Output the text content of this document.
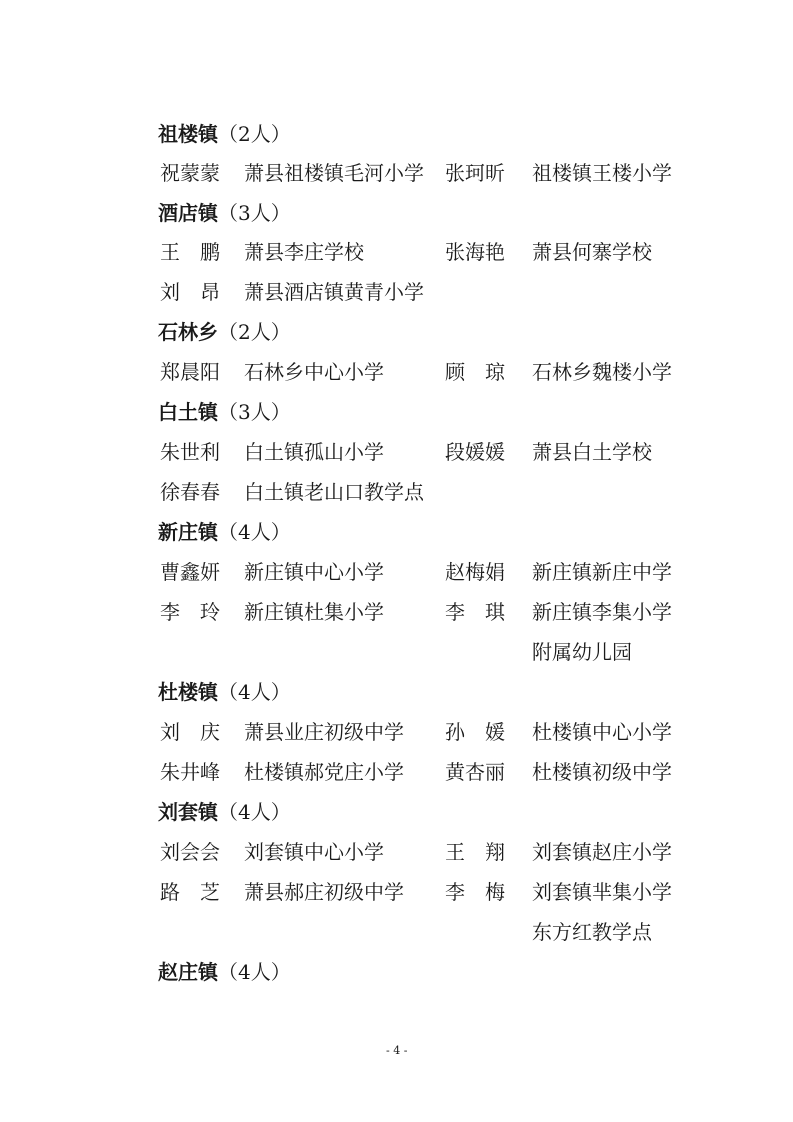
祖楼镇（2人）
祝蒙蒙 萧县祖楼镇毛河小学 张珂昕 祖楼镇王楼小学
酒店镇（3人）
王　鹏 萧县李庄学校	张海艳 萧县何寨学校
刘　昂 萧县酒店镇黄青小学
石林乡（2人）
郑晨阳 石林乡中心小学	顾　琼 石林乡魏楼小学
白土镇（3人）
朱世利 白土镇孤山小学	段媛媛 萧县白土学校
徐春春 白土镇老山口教学点
新庄镇（4人）
曹鑫妍 新庄镇中心小学	赵梅娟 新庄镇新庄中学
李　玲 新庄镇杜集小学	李　琪 新庄镇李集小学
附属幼儿园
杜楼镇（4人）
刘　庆 萧县业庄初级中学 孙　媛 杜楼镇中心小学
朱井峰 杜楼镇郝党庄小学 黄杏丽 杜楼镇初级中学
刘套镇（4人）
刘会会 刘套镇中心小学	王　翔 刘套镇赵庄小学
路　芝 萧县郝庄初级中学 李　梅 刘套镇芈集小学
东方红教学点
赵庄镇（4人）
- 4 -
